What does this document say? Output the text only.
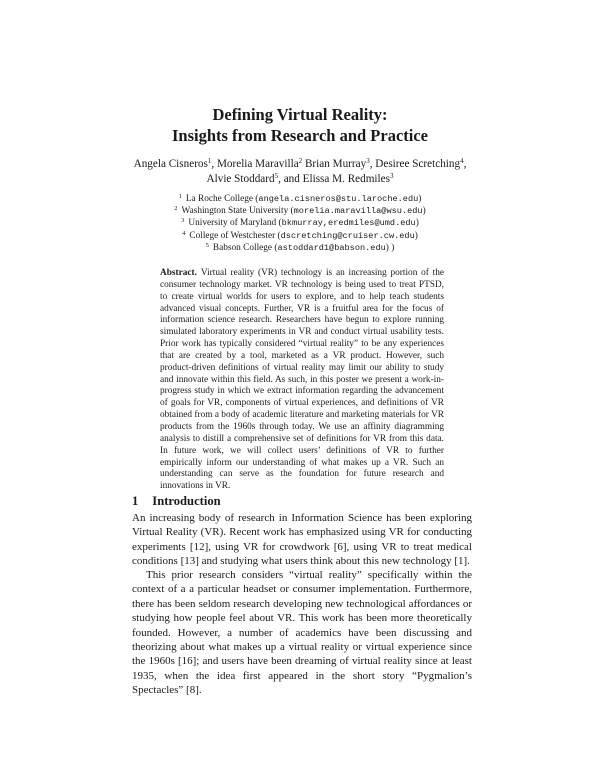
Defining Virtual Reality:
Insights from Research and Practice
Angela Cisneros$^1$, Morelia Maravilla$^2$ Brian Murray$^3$, Desiree Scretching$^4$,
Alvie Stoddard$^5$, and Elissa M. Redmiles$^3$
$^1$ La Roche College (angela.cisneros@stu.laroche.edu)
$^2$ Washington State University (morelia.maravilla@wsu.edu)
$^3$ University of Maryland (bkmurray,eredmiles@umd.edu)
$^4$ College of Westchester (dscretching@cruiser.cw.edu)
$^5$ Babson College (astoddard1@babson.edu) )
Abstract. Virtual reality (VR) technology is an increasing portion of the consumer technology market. VR technology is being used to treat PTSD, to create virtual worlds for users to explore, and to help teach students advanced visual concepts. Further, VR is a fruitful area for the focus of information science research. Researchers have begun to explore running simulated laboratory experiments in VR and conduct virtual usability tests. Prior work has typically considered “virtual reality” to be any experiences that are created by a tool, marketed as a VR product. However, such product-driven definitions of virtual reality may limit our ability to study and innovate within this field. As such, in this poster we present a work-in-progress study in which we extract information regarding the advancement of goals for VR, components of virtual experiences, and definitions of VR obtained from a body of academic literature and marketing materials for VR products from the 1960s through today. We use an affinity diagramming analysis to distill a comprehensive set of definitions for VR from this data. In future work, we will collect users’ definitions of VR to further empirically inform our understanding of what makes up a VR. Such an understanding can serve as the foundation for future research and innovations in VR.
1 Introduction
An increasing body of research in Information Science has been exploring Virtual Reality (VR). Recent work has emphasized using VR for conducting experiments [12], using VR for crowdwork [6], using VR to treat medical conditions [13] and studying what users think about this new technology [1].
This prior research considers “virtual reality” specifically within the context of a a particular headset or consumer implementation. Furthermore, there has been seldom research developing new technological affordances or studying how people feel about VR. This work has been more theoretically founded. However, a number of academics have been discussing and theorizing about what makes up a virtual reality or virtual experience since the 1960s [16]; and users have been dreaming of virtual reality since at least 1935, when the idea first appeared in the short story “Pygmalion’s Spectacles” [8].
